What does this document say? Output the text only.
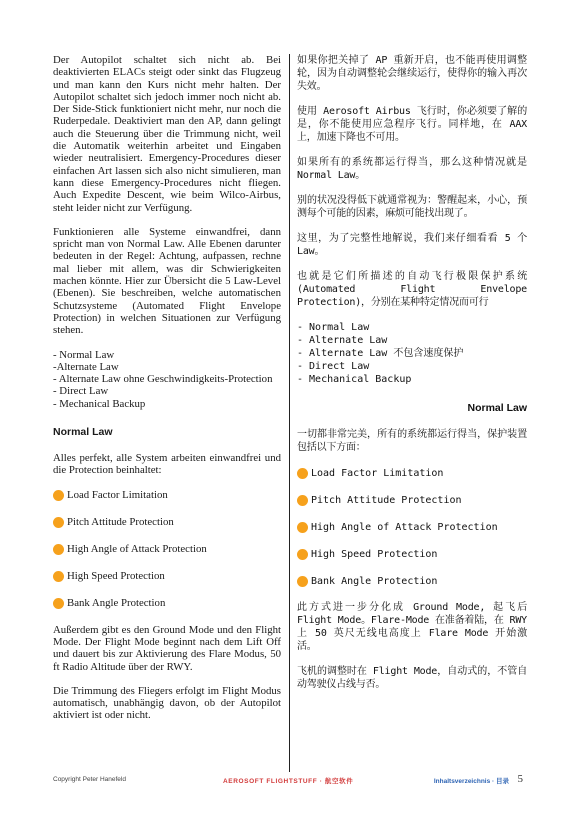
Der Autopilot schaltet sich nicht ab. Bei deaktivierten ELACs steigt oder sinkt das Flugzeug und man kann den Kurs nicht mehr halten. Der Autopilot schaltet sich jedoch immer noch nicht ab. Der Side-Stick funktioniert nicht mehr, nur noch die Ruderpedale. Deaktiviert man den AP, dann gelingt auch die Steuerung über die Trimmung nicht, weil die Automatik weiterhin arbeitet und Eingaben wieder neutralisiert. Emergency-Procedures dieser einfachen Art lassen sich also nicht simulieren, man kann diese Emergency-Procedures nicht fliegen. Auch Expedite Descent, wie beim Wilco-Airbus, steht leider nicht zur Verfügung.

Funktionieren alle Systeme einwandfrei, dann spricht man von Normal Law. Alle Ebenen darunter bedeuten in der Regel: Achtung, aufpassen, rechne mal lieber mit allem, was dir Schwierigkeiten machen könnte. Hier zur Übersicht die 5 Law-Level (Ebenen). Sie beschreiben, welche automatischen Schutzsysteme (Automated Flight Envelope Protection) in welchen Situationen zur Verfügung stehen.

- Normal Law
-Alternate Law
- Alternate Law ohne Geschwindigkeits-Protection
- Direct Law
- Mechanical Backup
Normal Law

Alles perfekt, alle System arbeiten einwandfrei und die Protection beinhaltet:

Load Factor Limitation
Pitch Attitude Protection
High Angle of Attack Protection
High Speed Protection
Bank Angle Protection

Außerdem gibt es den Ground Mode und den Flight Mode. Der Flight Mode beginnt nach dem Lift Off und dauert bis zur Aktivierung des Flare Modus, 50 ft Radio Altitude über der RWY.

Die Trimmung des Fliegers erfolgt im Flight Modus automatisch, unabhängig davon, ob der Autopilot aktiviert ist oder nicht.

如果你把关掉了 AP 重新开启，也不能再使用调整轮，因为自动调整轮会继续运行，使得你的输入再次失效。

使用 Aerosoft Airbus 飞行时，你必须要了解的是，你不能使用应急程序飞行。同样地，在 AAX 上，加速下降也不可用。

如果所有的系统都运行得当，那么这种情况就是 Normal Law。

别的状况没得低下就通常视为：警醒起来，小心，预测每个可能的因素，麻烦可能找出现了。

这里，为了完整性地解说，我们来仔细看看 5 个 Law。

也就是它们所描述的自动飞行极限保护系统 (Automated Flight Envelope Protection)，分别在某种特定情况而可行

- Normal Law
- Alternate Law
- Alternate Law 不包含速度保护
- Direct Law
- Mechanical Backup
Normal Law

一切都非常完美，所有的系统都运行得当，保护装置包括以下方面：

Load Factor Limitation
Pitch Attitude Protection
High Angle of Attack Protection
High Speed Protection
Bank Angle Protection

此方式进一步分化成 Ground Mode, 起飞后 Flight Mode。Flare-Mode 在准备着陆，在 RWY 上 50 英尺无线电高度上 Flare Mode 开始激活。

飞机的调整时在 Flight Mode，自动式的，不管自动驾驶仪占线与否。

Copyright Peter Hanefeld	AEROSOFT FLIGHTSTUFF · 航空软件	Inhaltsverzeichnis · 目录 5
